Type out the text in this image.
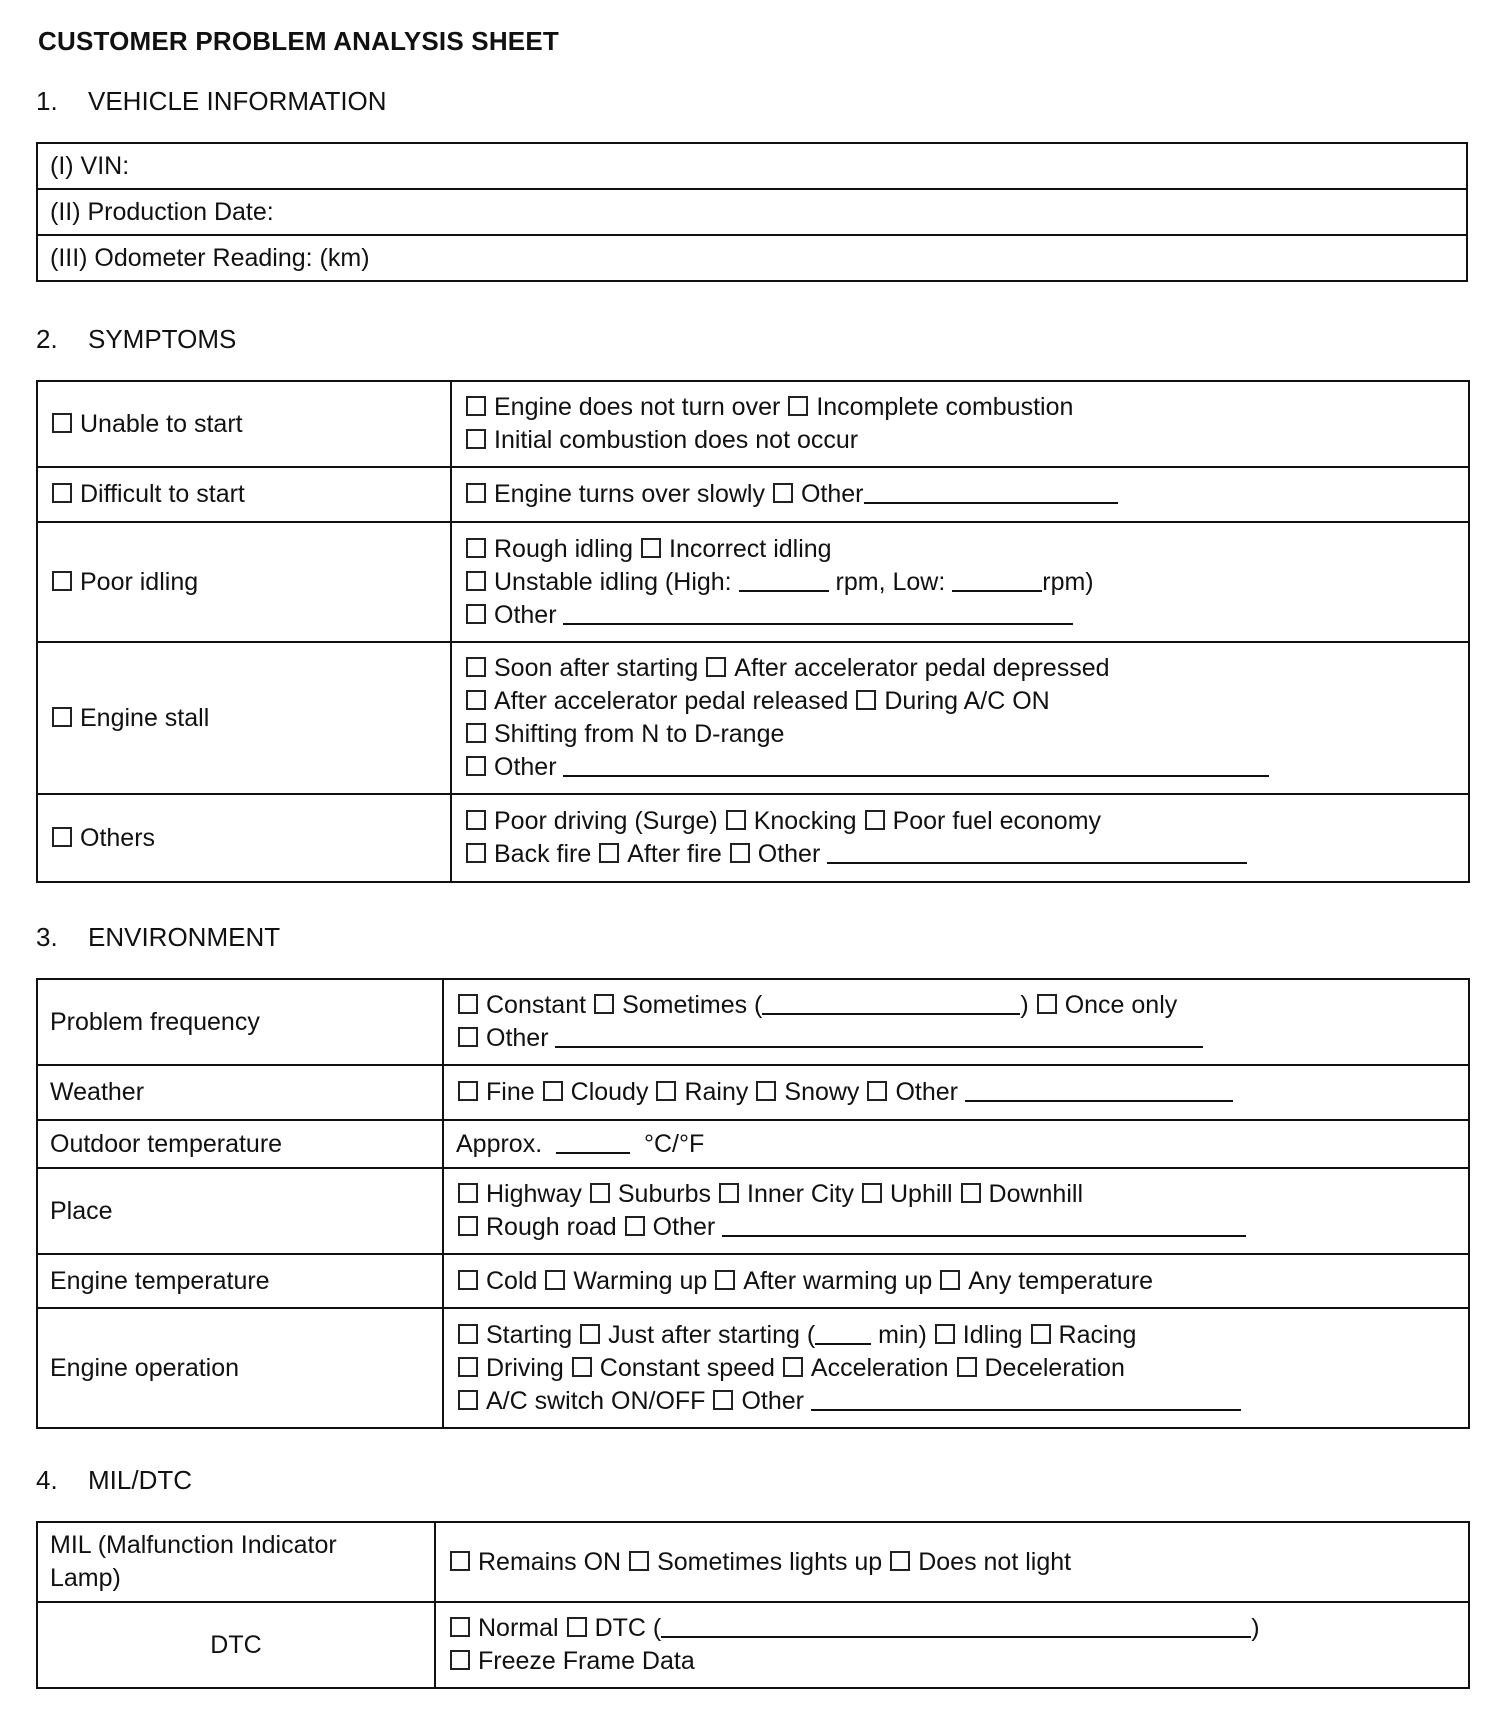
CUSTOMER PROBLEM ANALYSIS SHEET
1. VEHICLE INFORMATION
(I) VIN:
(II) Production Date:
(III) Odometer Reading: (km)
2. SYMPTOMS
Unable to start	Engine does not turn over Incomplete combustion
Initial combustion does not occur

Difficult to start	Engine turns over slowly Other

Poor idling	Rough idling Incorrect idling
Unstable idling (High: rpm, Low: rpm)
Other

Engine stall	Soon after starting After accelerator pedal depressed
After accelerator pedal released During A/C ON
Shifting from N to D-range
Other

Others	Poor driving (Surge) Knocking Poor fuel economy
Back fire After fire Other
3. ENVIRONMENT
Problem frequency	Constant Sometimes ( ) Once only
Other

Weather	Fine Cloudy Rainy Snowy Other

Outdoor temperature	Approx. °C/°F

Place	Highway Suburbs Inner City Uphill Downhill
Rough road Other

Engine temperature	Cold Warming up After warming up Any temperature

Engine operation	Starting Just after starting ( min) Idling Racing
Driving Constant speed Acceleration Deceleration
A/C switch ON/OFF Other
4. MIL/DTC
MIL (Malfunction Indicator
Lamp)	Remains ON Sometimes lights up Does not light

DTC	Normal DTC ( )
Freeze Frame Data
